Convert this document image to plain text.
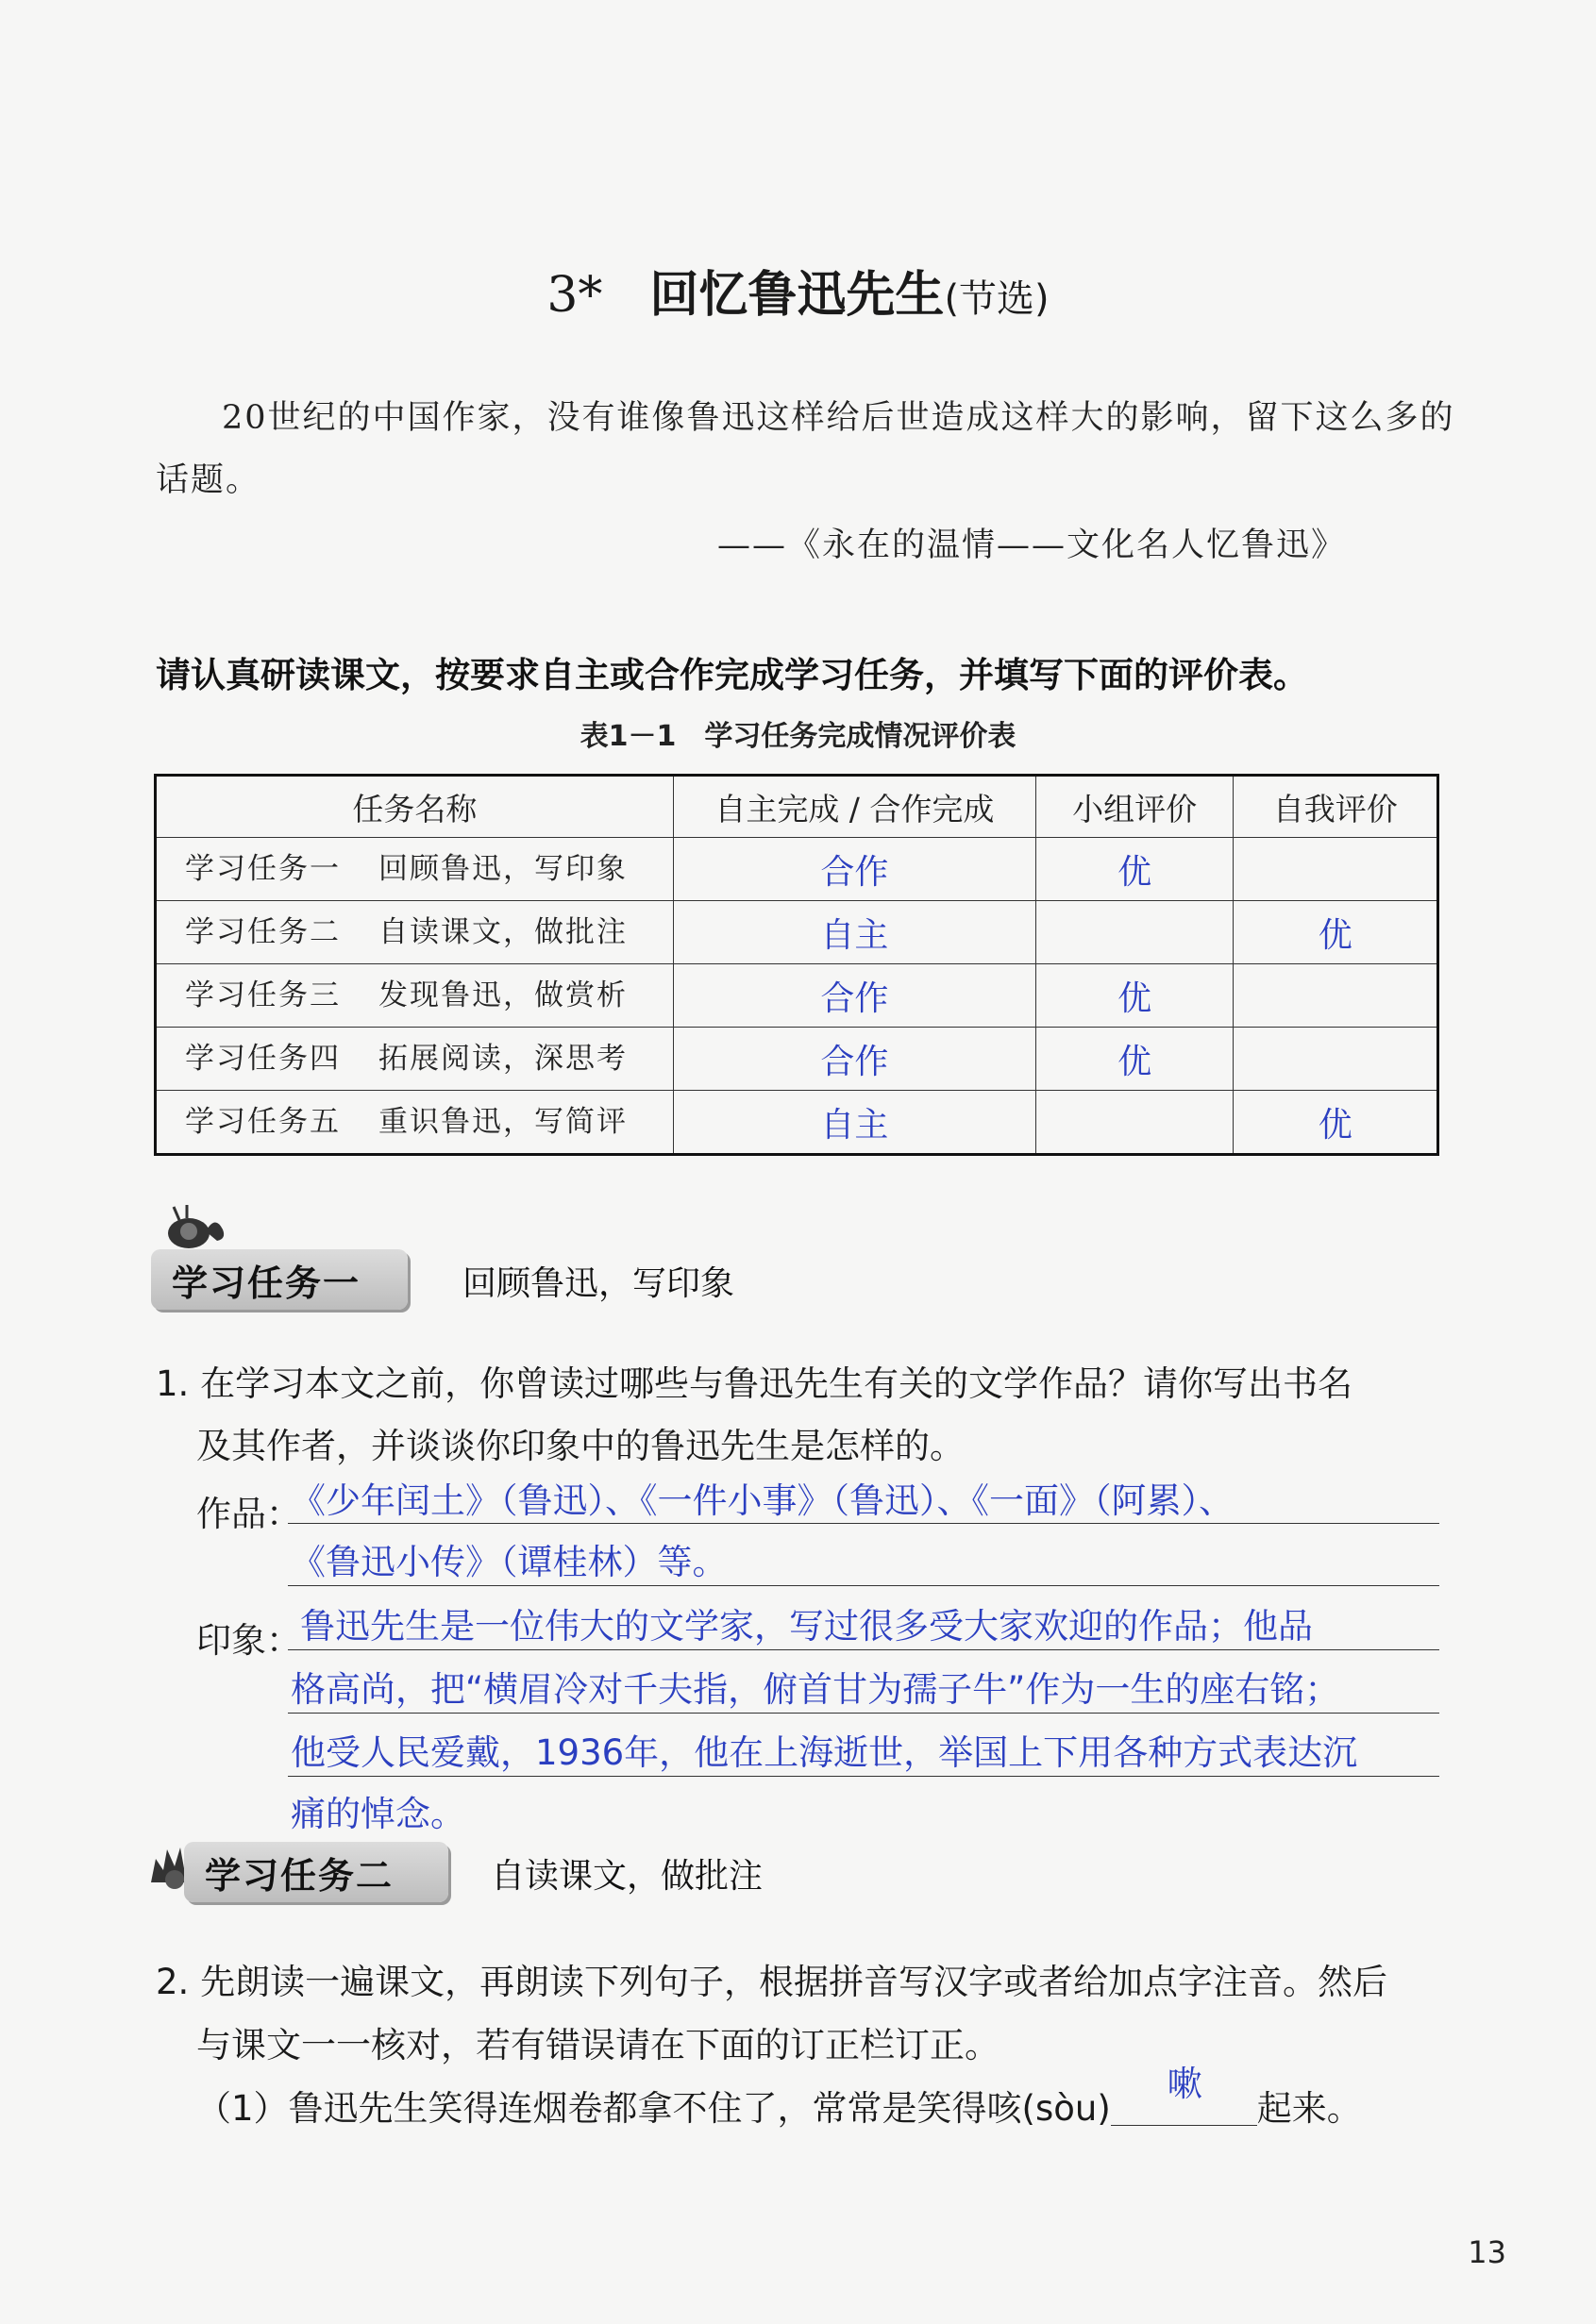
3* 回忆鲁迅先生(节选)
20世纪的中国作家，没有谁像鲁迅这样给后世造成这样大的影响，留下这么多的话题。
——《永在的温情——文化名人忆鲁迅》
请认真研读课文，按要求自主或合作完成学习任务，并填写下面的评价表。
表1－1　学习任务完成情况评价表
任务名称	自主完成 / 合作完成	小组评价	自我评价
学习任务一 回顾鲁迅，写印象	合作	优	
学习任务二 自读课文，做批注	自主		优
学习任务三 发现鲁迅，做赏析	合作	优	
学习任务四 拓展阅读，深思考	合作	优	
学习任务五 重识鲁迅，写简评	自主		优
学习任务一	回顾鲁迅，写印象
1. 在学习本文之前，你曾读过哪些与鲁迅先生有关的文学作品？请你写出书名
及其作者，并谈谈你印象中的鲁迅先生是怎样的。
作品：
《少年闰土》（鲁迅）、《一件小事》（鲁迅）、《一面》（阿累）、
《鲁迅小传》（谭桂林）等。
印象： 鲁迅先生是一位伟大的文学家，写过很多受大家欢迎的作品；他品
格高尚，把“横眉冷对千夫指，俯首甘为孺子牛”作为一生的座右铭；
他受人民爱戴，1936年，他在上海逝世，举国上下用各种方式表达沉
痛的悼念。
学习任务二	自读课文，做批注
2. 先朗读一遍课文，再朗读下列句子，根据拼音写汉字或者给加点字注音。然后
与课文一一核对，若有错误请在下面的订正栏订正。
（1）鲁迅先生笑得连烟卷都拿不住了，常常是笑得咳(sòu)
嗽
起来。
13
